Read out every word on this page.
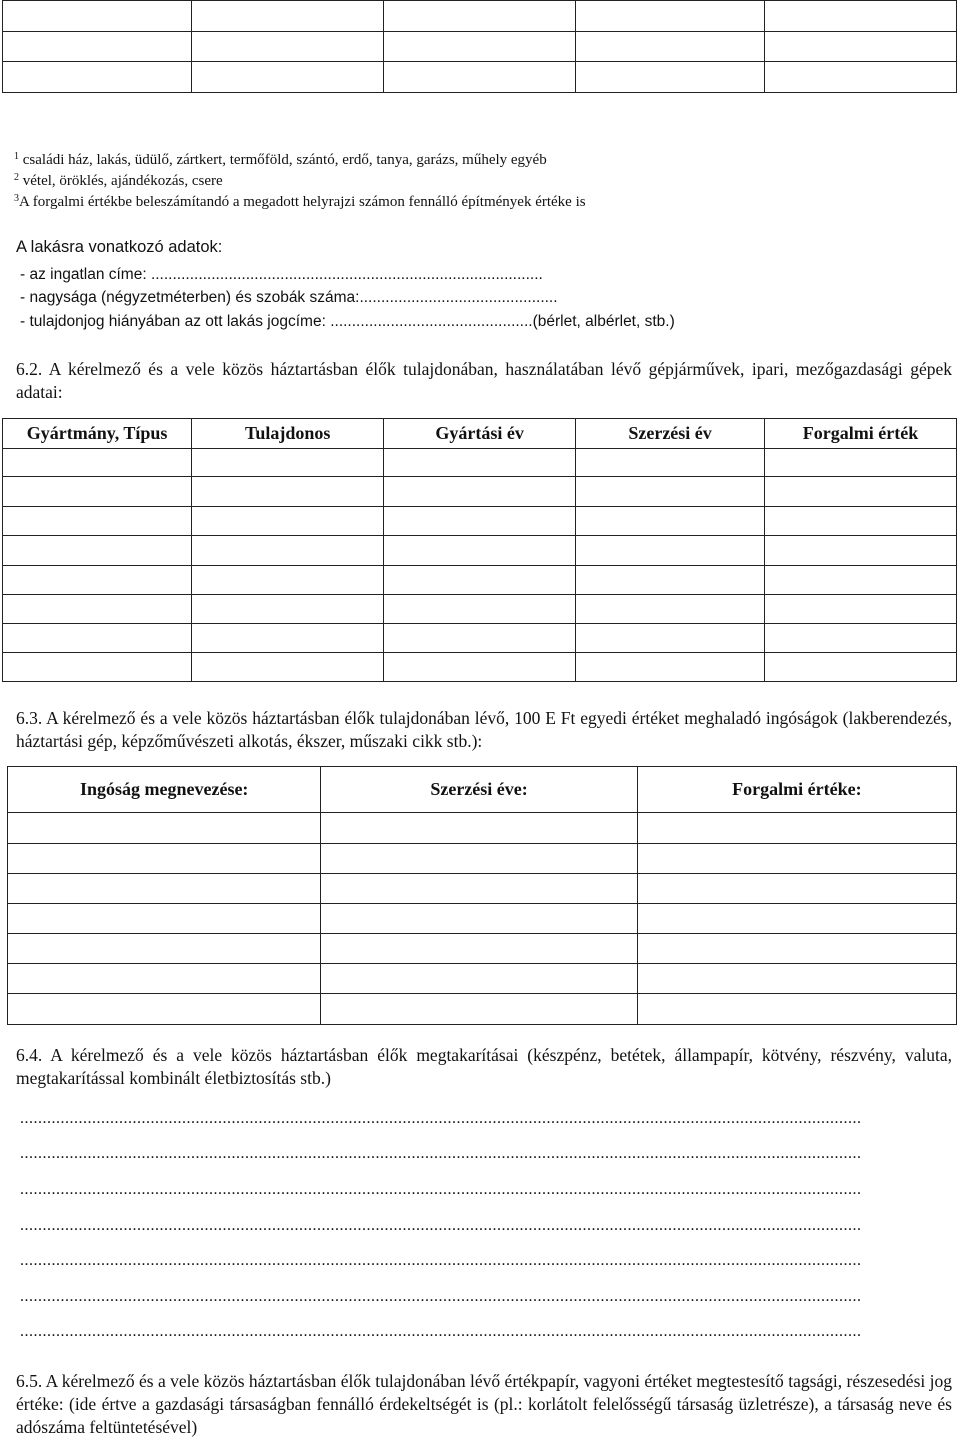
$^1$ családi ház, lakás, üdülő, zártkert, termőföld, szántó, erdő, tanya, garázs, műhely egyéb
$^2$ vétel, öröklés, ajándékozás, csere
$^3$A forgalmi értékbe beleszámítandó a megadott helyrajzi számon fennálló építmények értéke is
A lakásra vonatkozó adatok:
- az ingatlan címe: ...........................................................................................
- nagysága (négyzetméterben) és szobák száma:..............................................
- tulajdonjog hiányában az ott lakás jogcíme: ...............................................(bérlet, albérlet, stb.)
6.2. A kérelmező és a vele közös háztartásban élők tulajdonában, használatában lévő gépjárművek, ipari, mezőgazdasági gépek adatai:
Gyártmány, Típus	Tulajdonos	Gyártási év	Szerzési év	Forgalmi érték

6.3. A kérelmező és a vele közös háztartásban élők tulajdonában lévő, 100 E Ft egyedi értéket meghaladó ingóságok (lakberendezés, háztartási gép, képzőművészeti alkotás, ékszer, műszaki cikk stb.):
Ingóság megnevezése:	Szerzési éve:	Forgalmi értéke:

6.4. A kérelmező és a vele közös háztartásban élők megtakarításai (készpénz, betétek, állampapír, kötvény, részvény, valuta, megtakarítással kombinált életbiztosítás stb.)
...........................................................................................................................................................................................
...........................................................................................................................................................................................
...........................................................................................................................................................................................
...........................................................................................................................................................................................
...........................................................................................................................................................................................
...........................................................................................................................................................................................
...........................................................................................................................................................................................
6.5. A kérelmező és a vele közös háztartásban élők tulajdonában lévő értékpapír, vagyoni értéket megtestesítő tagsági, részesedési jog értéke: (ide értve a gazdasági társaságban fennálló érdekeltségét is (pl.: korlátolt felelősségű társaság üzletrésze), a társaság neve és adószáma feltüntetésével)
